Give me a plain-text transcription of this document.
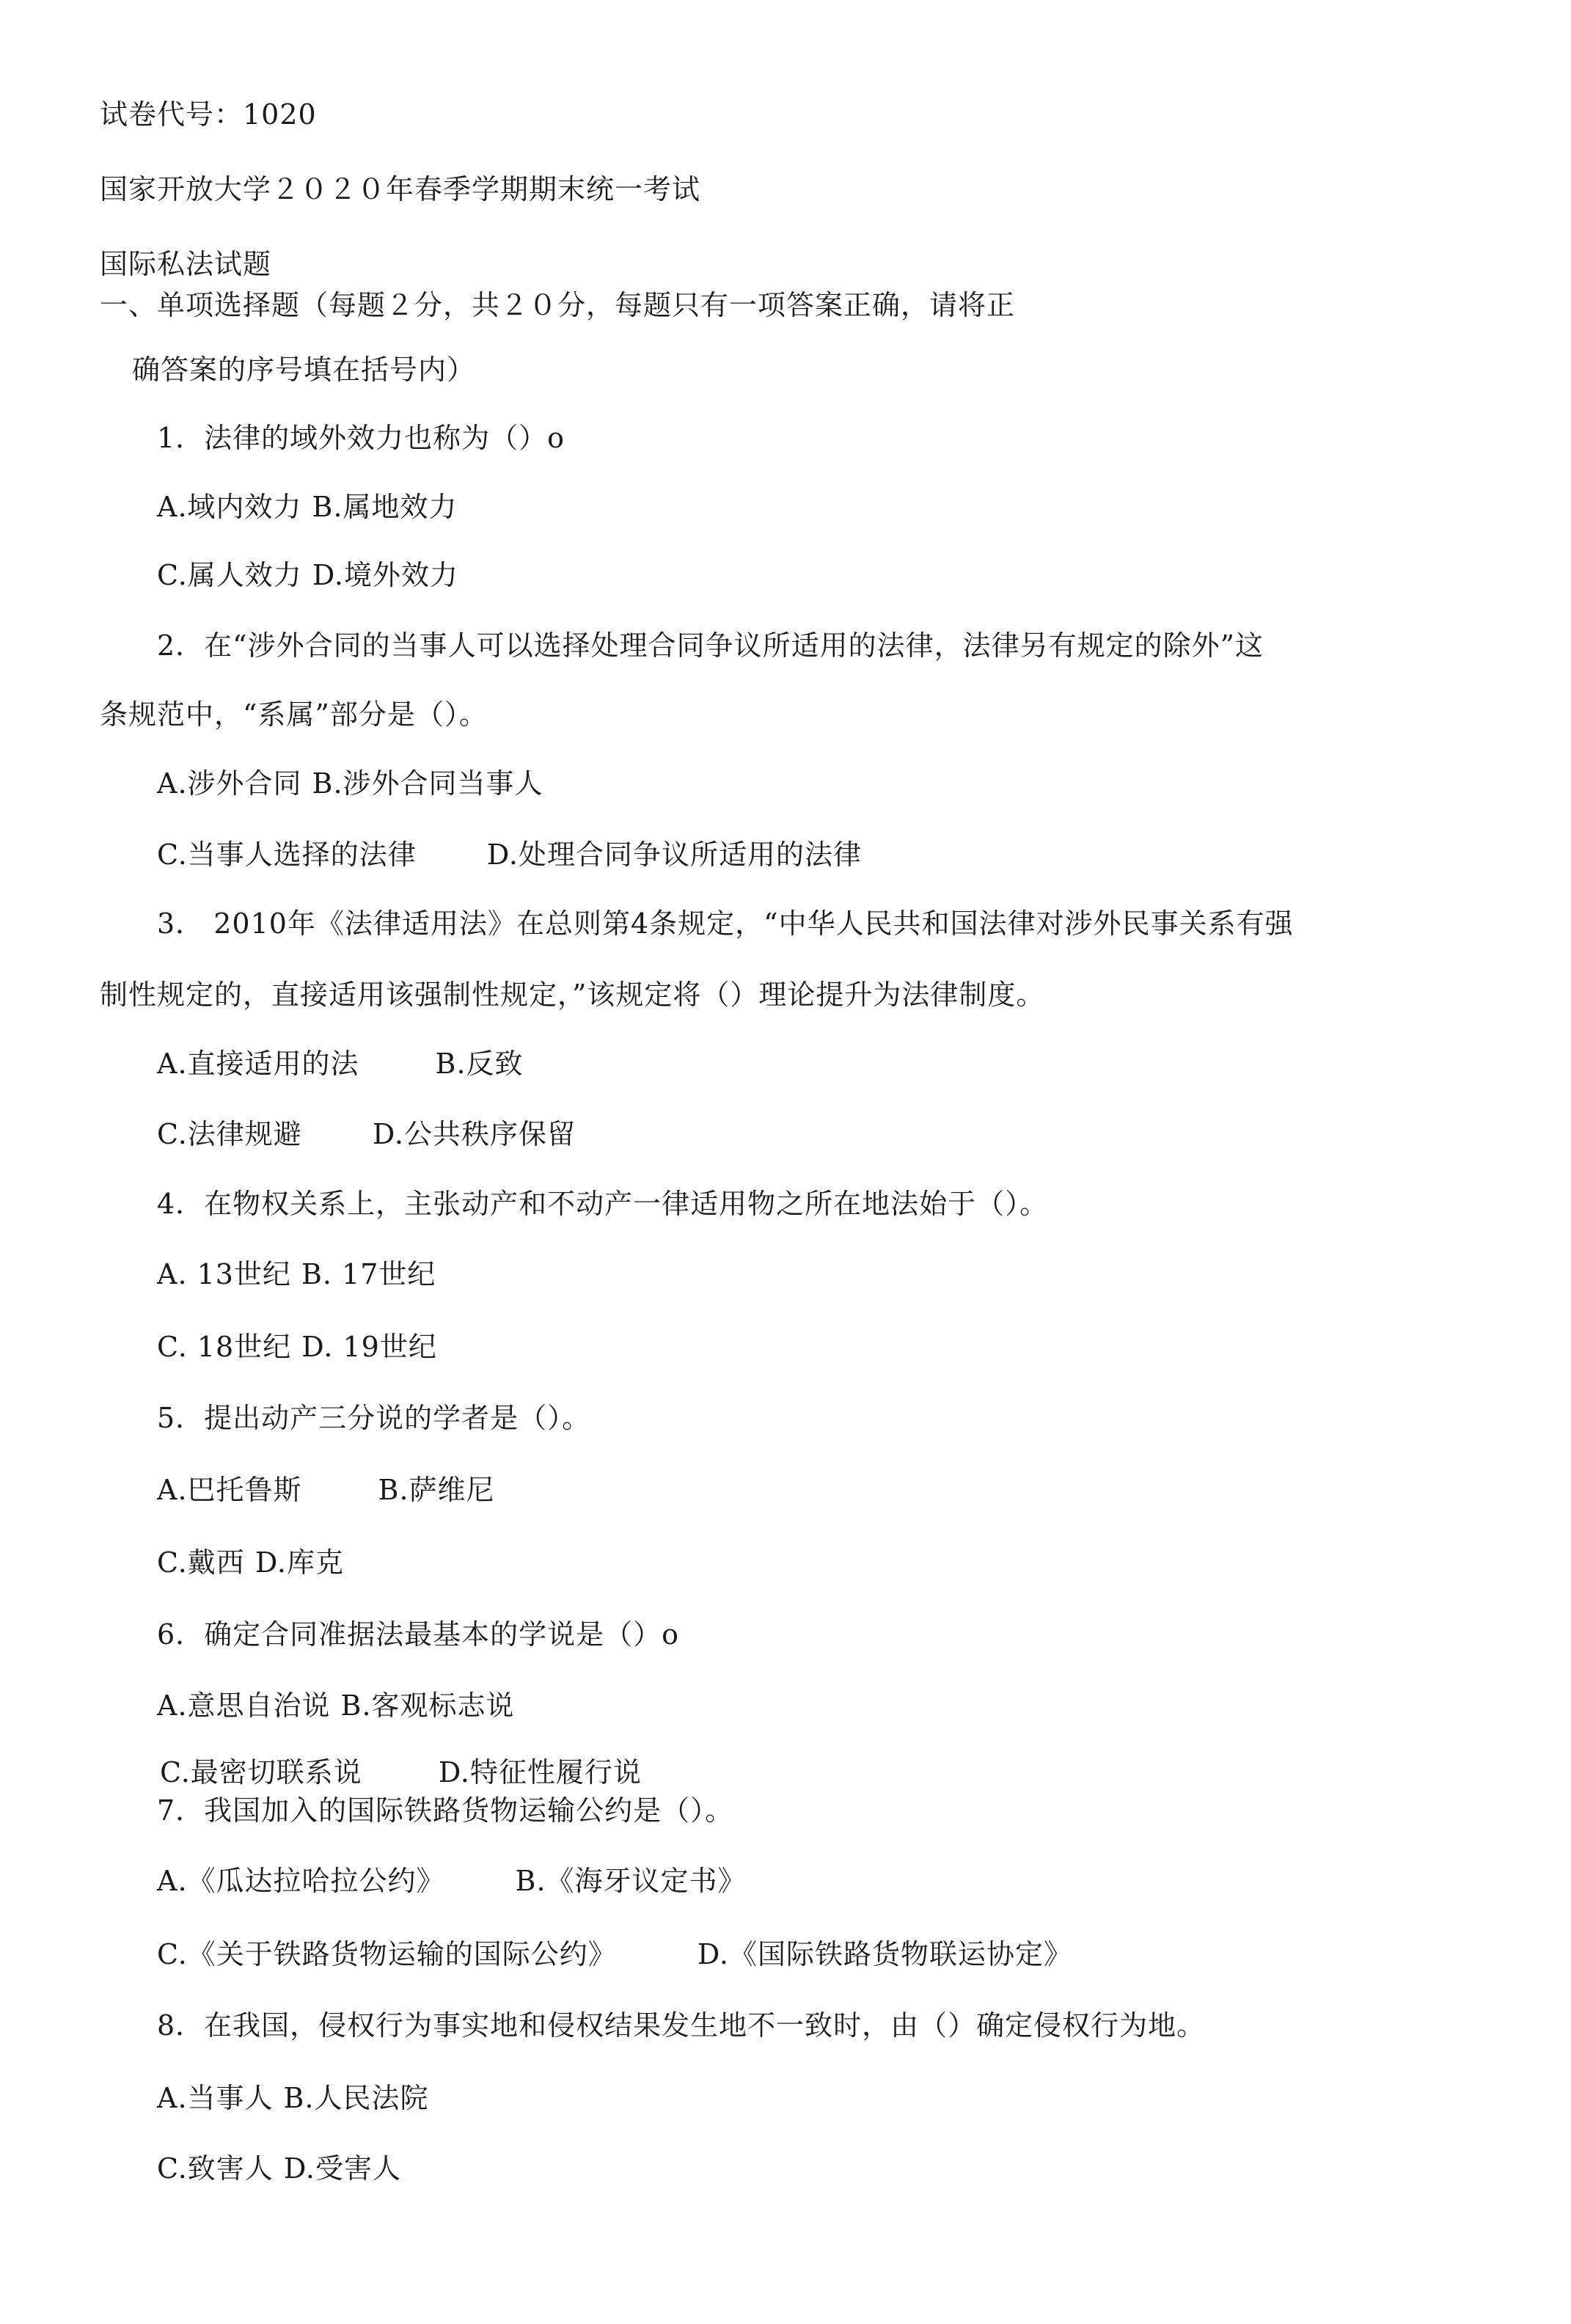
试卷代号：1020
国家开放大学２０２０年春季学期期末统一考试
国际私法试题
一、单项选择题（每题２分，共２０分，每题只有一项答案正确，请将正
确答案的序号填在括号内）
1．法律的域外效力也称为（）o
A.域内效力 B.属地效力
C.属人效力 D.境外效力
2．在“涉外合同的当事人可以选择处理合同争议所适用的法律，法律另有规定的除外”这
条规范中，“系属”部分是（）。
A.涉外合同 B.涉外合同当事人
C.当事人选择的法律	D.处理合同争议所适用的法律
3． 2010年《法律适用法》在总则第4条规定，“中华人民共和国法律对涉外民事关系有强
制性规定的，直接适用该强制性规定，”该规定将（）理论提升为法律制度。
A.直接适用的法	B.反致
C.法律规避	D.公共秩序保留
4．在物权关系上，主张动产和不动产一律适用物之所在地法始于（）。
A. 13世纪 B. 17世纪
C. 18世纪 D. 19世纪
5．提出动产三分说的学者是（）。
A.巴托鲁斯	B.萨维尼
C.戴西 D.库克
6．确定合同准据法最基本的学说是（）o
A.意思自治说 B.客观标志说
C.最密切联系说	D.特征性履行说
7．我国加入的国际铁路货物运输公约是（）。
A.《瓜达拉哈拉公约》	B.《海牙议定书》
C.《关于铁路货物运输的国际公约》	D.《国际铁路货物联运协定》
8．在我国，侵权行为事实地和侵权结果发生地不一致时，由（）确定侵权行为地。
A.当事人 B.人民法院
C.致害人 D.受害人
